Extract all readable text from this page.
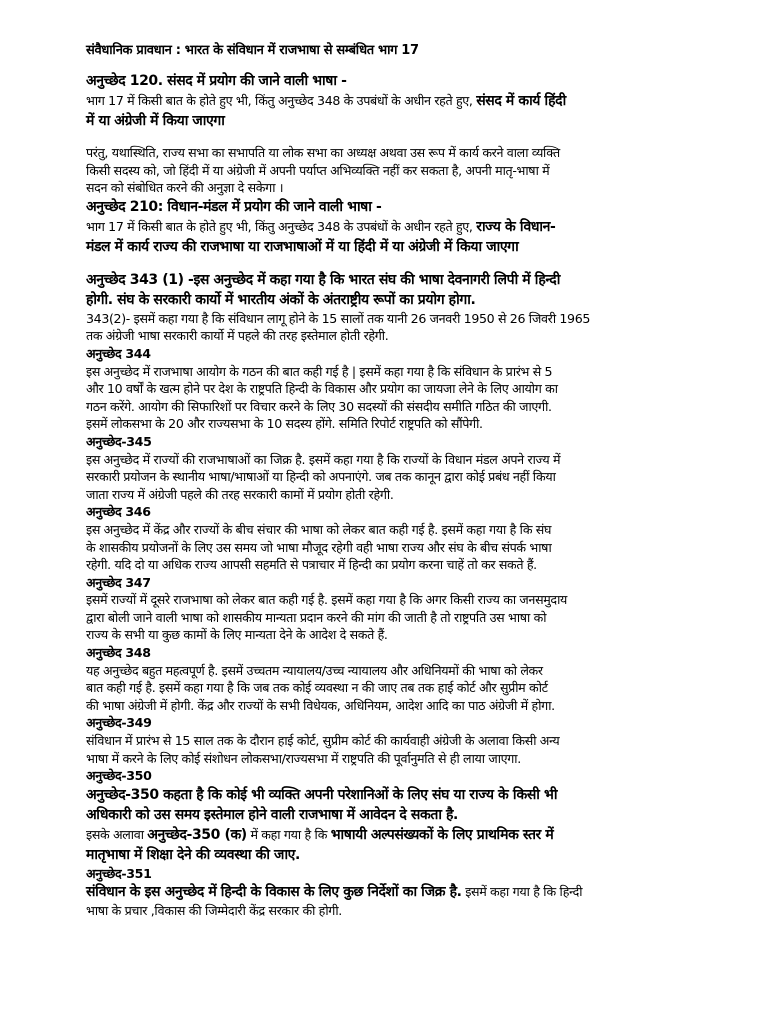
संवैधानिक प्रावधान : भारत के संविधान में राजभाषा से सम्बंधित भाग 17
अनुच्छेद 120. संसद में प्रयोग की जाने वाली भाषा -
भाग 17 में किसी बात के होते हुए भी, किंतु अनुच्छेद 348 के उपबंधों के अधीन रहते हुए, संसद में कार्य हिंदी
में या अंग्रेजी में किया जाएगा
परंतु, यथास्थिति, राज्य सभा का सभापति या लोक सभा का अध्यक्ष अथवा उस रूप में कार्य करने वाला व्यक्ति
किसी सदस्य को, जो हिंदी में या अंग्रेजी में अपनी पर्याप्त अभिव्यक्ति नहीं कर सकता है, अपनी मातृ-भाषा में
सदन को संबोधित करने की अनुज्ञा दे सकेगा ।
अनुच्छेद 210: विधान-मंडल में प्रयोग की जाने वाली भाषा -
भाग 17 में किसी बात के होते हुए भी, किंतु अनुच्छेद 348 के उपबंधों के अधीन रहते हुए, राज्य के विधान-
मंडल में कार्य राज्य की राजभाषा या राजभाषाओं में या हिंदी में या अंग्रेजी में किया जाएगा
अनुच्छेद 343 (1) -इस अनुच्छेद में कहा गया है कि भारत संघ की भाषा देवनागरी लिपी में हिन्दी
होगी. संघ के सरकारी कार्यो में भारतीय अंकों के अंतराष्ट्रीय रूपों का प्रयोग होगा.
343(2)- इसमें कहा गया है कि संविधान लागू होने के 15 सालों तक यानी 26 जनवरी 1950 से 26 जिवरी 1965
तक अंग्रेजी भाषा सरकारी कार्यो में पहले की तरह इस्तेमाल होती रहेगी.
अनुच्छेद 344
इस अनुच्छेद में राजभाषा आयोग के गठन की बात कही गई है | इसमें कहा गया है कि संविधान के प्रारंभ से 5
और 10 वर्षों के खत्म होने पर देश के राष्ट्रपति हिन्दी के विकास और प्रयोग का जायजा लेने के लिए आयोग का
गठन करेंगे. आयोग की सिफारिशों पर विचार करने के लिए 30 सदस्यों की संसदीय समीति गठित की जाएगी.
इसमें लोकसभा के 20 और राज्यसभा के 10 सदस्य होंगे. समिति रिपोर्ट राष्ट्रपति को सौंपेगी.
अनुच्छेद-345
इस अनुच्छेद में राज्यों की राजभाषाओं का जिक्र है. इसमें कहा गया है कि राज्यों के विधान मंडल अपने राज्य में
सरकारी प्रयोजन के स्थानीय भाषा/भाषाओं या हिन्दी को अपनाएंगे. जब तक कानून द्वारा कोई प्रबंध नहीं किया
जाता राज्य में अंग्रेजी पहले की तरह सरकारी कामों में प्रयोग होती रहेगी.
अनुच्छेद 346
इस अनुच्छेद में केंद्र और राज्यों के बीच संचार की भाषा को लेकर बात कही गई है. इसमें कहा गया है कि संघ
के शासकीय प्रयोजनों के लिए उस समय जो भाषा मौजूद रहेगी वही भाषा राज्य और संघ के बीच संपर्क भाषा
रहेगी. यदि दो या अधिक राज्य आपसी सहमति से पत्राचार में हिन्दी का प्रयोग करना चाहें तो कर सकते हैं.
अनुच्छेद 347
इसमें राज्यों में दूसरे राजभाषा को लेकर बात कही गई है. इसमें कहा गया है कि अगर किसी राज्य का जनसमुदाय
द्वारा बोली जाने वाली भाषा को शासकीय मान्यता प्रदान करने की मांग की जाती है तो राष्ट्रपति उस भाषा को
राज्य के सभी या कुछ कामों के लिए मान्यता देने के आदेश दे सकते हैं.
अनुच्छेद 348
यह अनुच्छेद बहुत महत्वपूर्ण है. इसमें उच्चतम न्यायालय/उच्च न्यायालय और अधिनियमों की भाषा को लेकर
बात कही गई है. इसमें कहा गया है कि जब तक कोई व्यवस्था न की जाए तब तक हाई कोर्ट और सुप्रीम कोर्ट
की भाषा अंग्रेजी में होगी. केंद्र और राज्यों के सभी विधेयक, अधिनियम, आदेश आदि का पाठ अंग्रेजी में होगा.
अनुच्छेद-349
संविधान में प्रारंभ से 15 साल तक के दौरान हाई कोर्ट, सुप्रीम कोर्ट की कार्यवाही अंग्रेजी के अलावा किसी अन्य
भाषा में करने के लिए कोई संशोधन लोकसभा/राज्यसभा में राष्ट्रपति की पूर्वानुमति से ही लाया जाएगा.
अनुच्छेद-350
अनुच्छेद-350 कहता है कि कोई भी व्यक्ति अपनी परेशानिओं के लिए संघ या राज्य के किसी भी
अधिकारी को उस समय इस्तेमाल होने वाली राजभाषा में आवेदन दे सकता है.
इसके अलावा अनुच्छेद-350 (क) में कहा गया है कि भाषायी अल्पसंख्यकों के लिए प्राथमिक स्तर में
मातृभाषा में शिक्षा देने की व्यवस्था की जाए.
अनुच्छेद-351
संविधान के इस अनुच्छेद में हिन्दी के विकास के लिए कुछ निर्देशों का जिक्र है. इसमें कहा गया है कि हिन्दी
भाषा के प्रचार ,विकास की जिम्मेदारी केंद्र सरकार की होगी.
